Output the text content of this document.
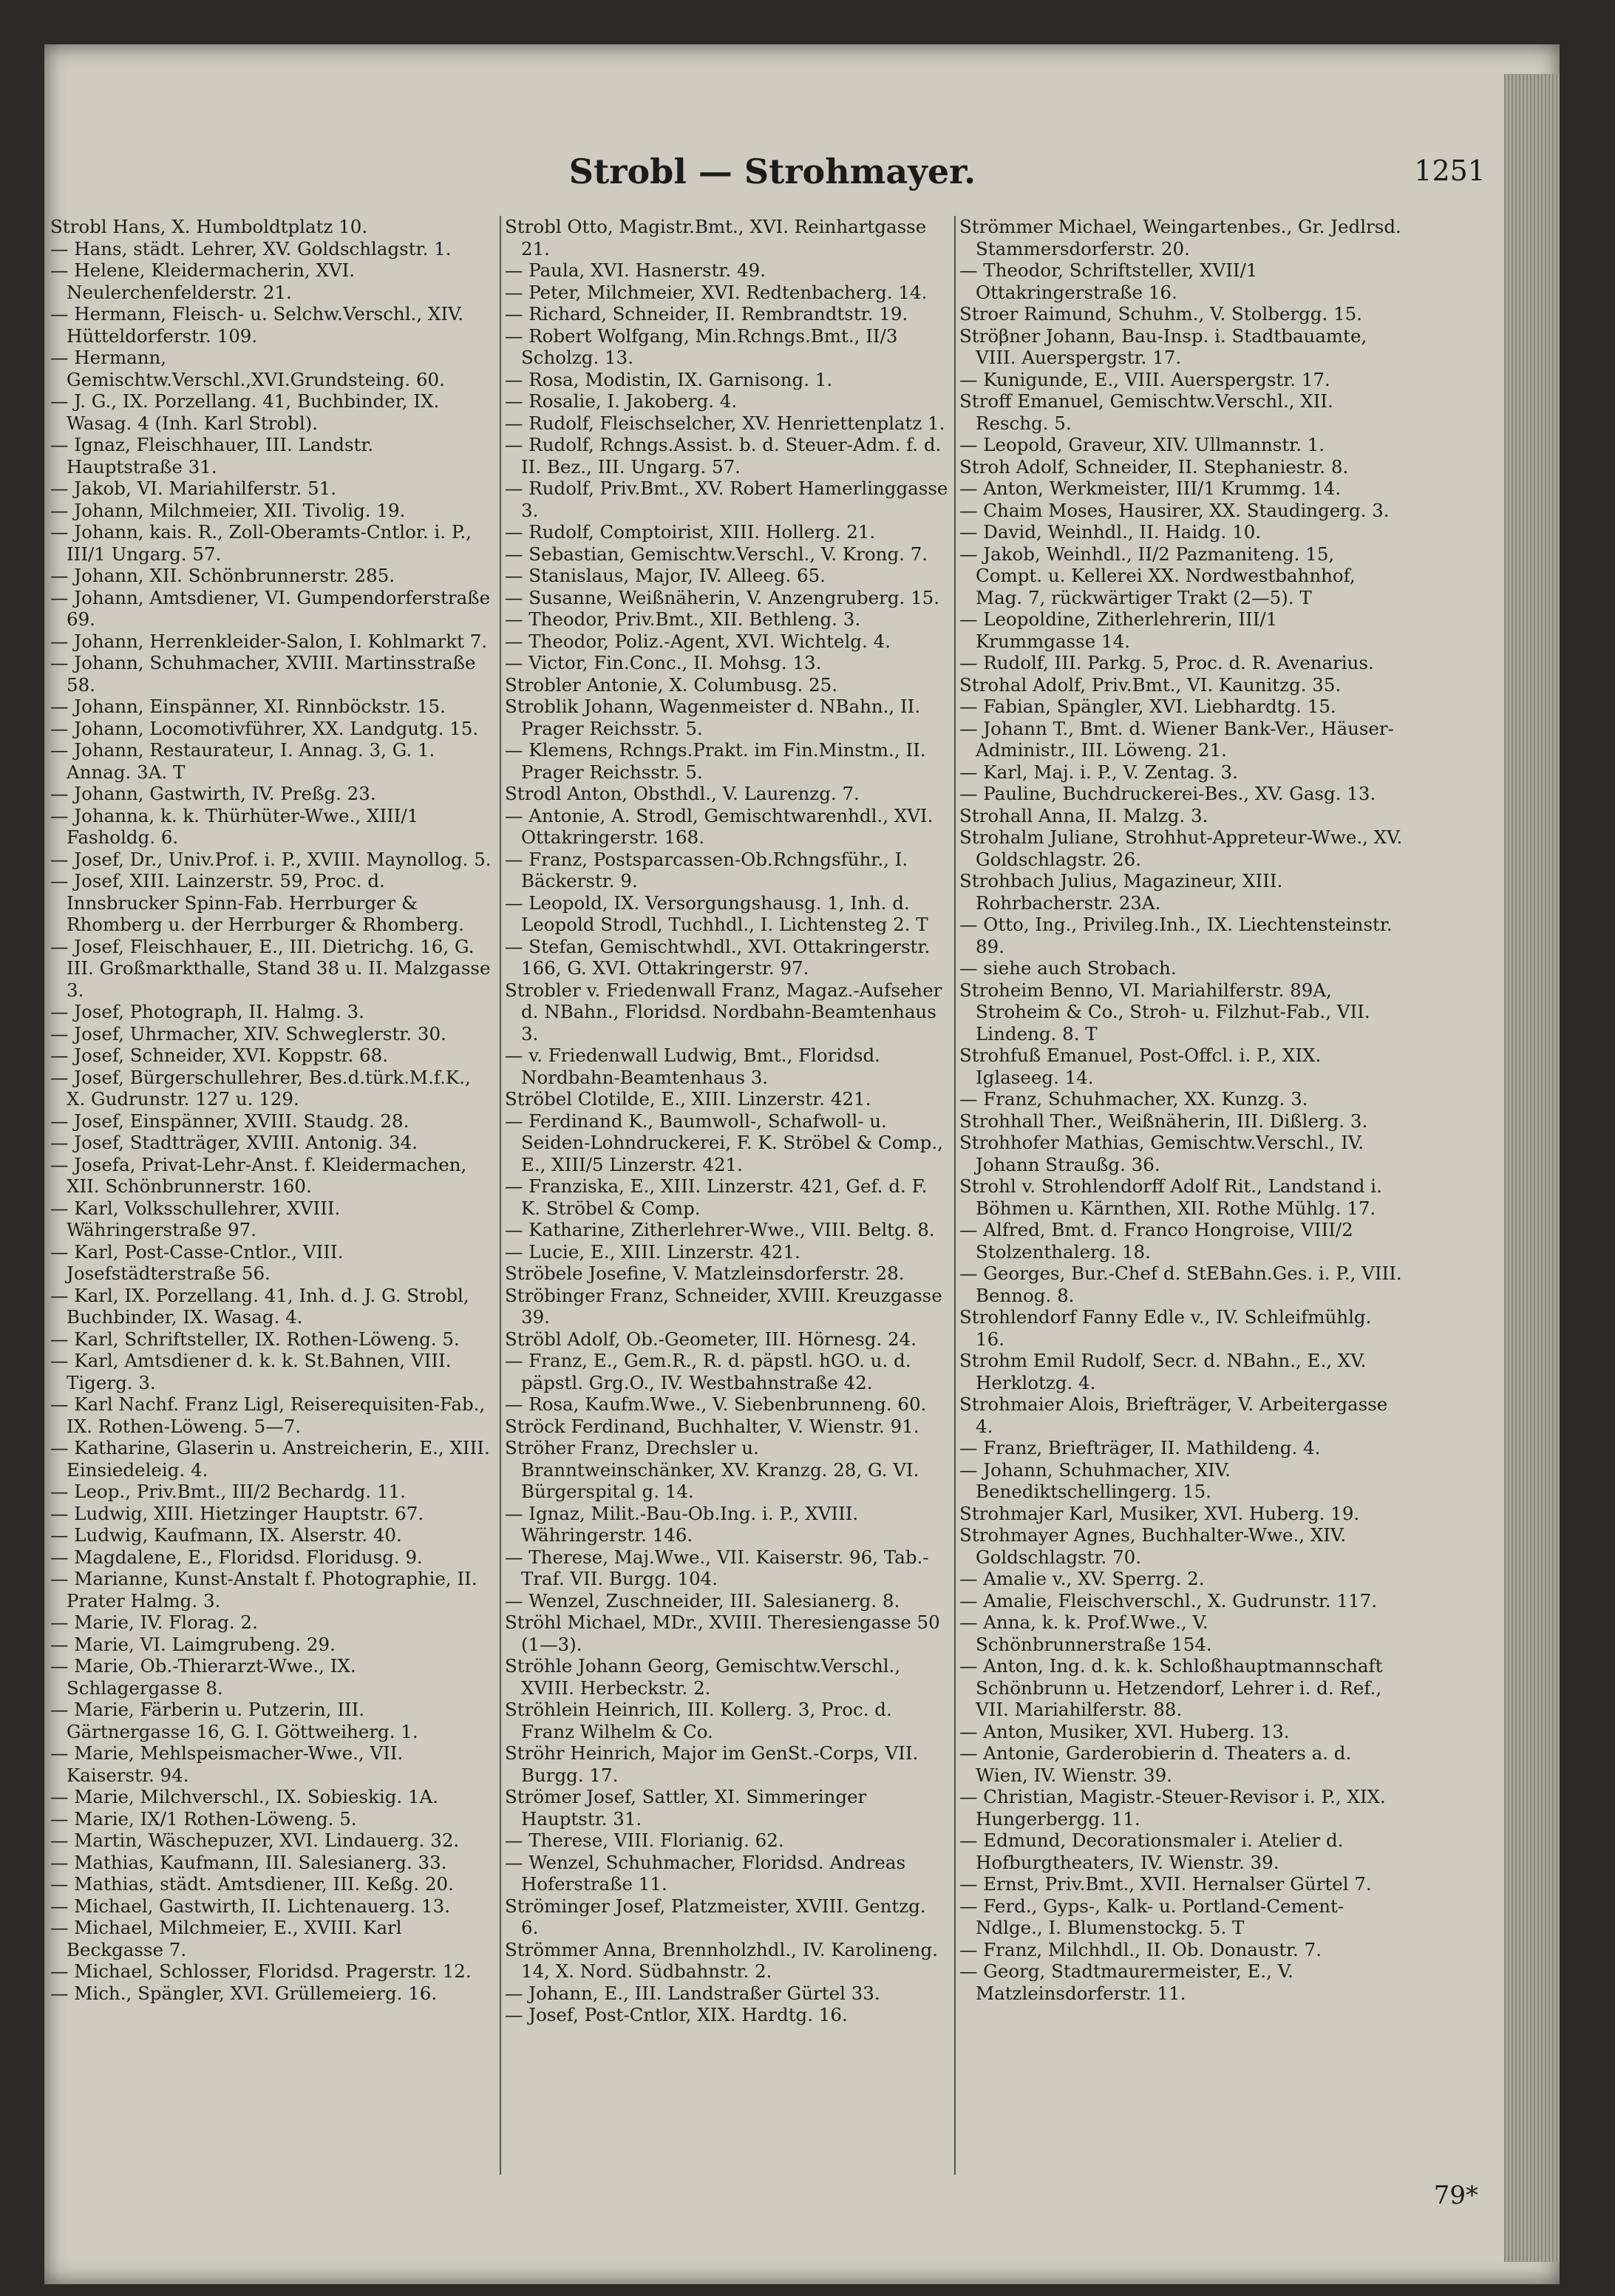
Strobl — Strohmayer.	1251

Strobl Hans, X. Humboldtplatz 10.

— Hans, städt. Lehrer, XV. Goldschlagstr. 1.

— Helene, Kleidermacherin, XVI. Neulerchenfelderstr. 21.

— Hermann, Fleisch- u. Selchw.Verschl., XIV. Hütteldorferstr. 109.

— Hermann, Gemischtw.Verschl.,XVI.Grundsteing. 60.

— J. G., IX. Porzellang. 41, Buchbinder, IX. Wasag. 4 (Inh. Karl Strobl).

— Ignaz, Fleischhauer, III. Landstr. Hauptstraße 31.

— Jakob, VI. Mariahilferstr. 51.

— Johann, Milchmeier, XII. Tivolig. 19.

— Johann, kais. R., Zoll-Oberamts-Cntlor. i. P., III/1 Ungarg. 57.

— Johann, XII. Schönbrunnerstr. 285.

— Johann, Amtsdiener, VI. Gumpendorferstraße 69.

— Johann, Herrenkleider-Salon, I. Kohlmarkt 7.

— Johann, Schuhmacher, XVIII. Martinsstraße 58.

— Johann, Einspänner, XI. Rinnböckstr. 15.

— Johann, Locomotivführer, XX. Landgutg. 15.

— Johann, Restaurateur, I. Annag. 3, G. 1. Annag. 3A. T

— Johann, Gastwirth, IV. Preßg. 23.

— Johanna, k. k. Thürhüter-Wwe., XIII/1 Fasholdg. 6.

— Josef, Dr., Univ.Prof. i. P., XVIII. Maynollog. 5.

— Josef, XIII. Lainzerstr. 59, Proc. d. Innsbrucker Spinn-Fab. Herrburger & Rhomberg u. der Herrburger & Rhomberg.

— Josef, Fleischhauer, E., III. Dietrichg. 16, G. III. Großmarkthalle, Stand 38 u. II. Malzgasse 3.

— Josef, Photograph, II. Halmg. 3.

— Josef, Uhrmacher, XIV. Schweglerstr. 30.

— Josef, Schneider, XVI. Koppstr. 68.

— Josef, Bürgerschullehrer, Bes.d.türk.M.f.K., X. Gudrunstr. 127 u. 129.

— Josef, Einspänner, XVIII. Staudg. 28.

— Josef, Stadtträger, XVIII. Antonig. 34.

— Josefa, Privat-Lehr-Anst. f. Kleidermachen, XII. Schönbrunnerstr. 160.

— Karl, Volksschullehrer, XVIII. Währingerstraße 97.

— Karl, Post-Casse-Cntlor., VIII. Josefstädterstraße 56.

— Karl, IX. Porzellang. 41, Inh. d. J. G. Strobl, Buchbinder, IX. Wasag. 4.

— Karl, Schriftsteller, IX. Rothen-Löweng. 5.

— Karl, Amtsdiener d. k. k. St.Bahnen, VIII. Tigerg. 3.

— Karl Nachf. Franz Ligl, Reiserequisiten-Fab., IX. Rothen-Löweng. 5—7.

— Katharine, Glaserin u. Anstreicherin, E., XIII. Einsiedeleig. 4.

— Leop., Priv.Bmt., III/2 Bechardg. 11.

— Ludwig, XIII. Hietzinger Hauptstr. 67.

— Ludwig, Kaufmann, IX. Alserstr. 40.

— Magdalene, E., Floridsd. Floridusg. 9.

— Marianne, Kunst-Anstalt f. Photographie, II. Prater Halmg. 3.

— Marie, IV. Florag. 2.

— Marie, VI. Laimgrubeng. 29.

— Marie, Ob.-Thierarzt-Wwe., IX. Schlagergasse 8.

— Marie, Färberin u. Putzerin, III. Gärtnergasse 16, G. I. Göttweiherg. 1.

— Marie, Mehlspeismacher-Wwe., VII. Kaiserstr. 94.

— Marie, Milchverschl., IX. Sobieskig. 1A.

— Marie, IX/1 Rothen-Löweng. 5.

— Martin, Wäschepuzer, XVI. Lindauerg. 32.

— Mathias, Kaufmann, III. Salesianerg. 33.

— Mathias, städt. Amtsdiener, III. Keßg. 20.

— Michael, Gastwirth, II. Lichtenauerg. 13.

— Michael, Milchmeier, E., XVIII. Karl Beckgasse 7.

— Michael, Schlosser, Floridsd. Pragerstr. 12.

— Mich., Spängler, XVI. Grüllemeierg. 16.

Strobl Otto, Magistr.Bmt., XVI. Reinhartgasse 21.

— Paula, XVI. Hasnerstr. 49.

— Peter, Milchmeier, XVI. Redtenbacherg. 14.

— Richard, Schneider, II. Rembrandtstr. 19.

— Robert Wolfgang, Min.Rchngs.Bmt., II/3 Scholzg. 13.

— Rosa, Modistin, IX. Garnisong. 1.

— Rosalie, I. Jakoberg. 4.

— Rudolf, Fleischselcher, XV. Henriettenplatz 1.

— Rudolf, Rchngs.Assist. b. d. Steuer-Adm. f. d. II. Bez., III. Ungarg. 57.

— Rudolf, Priv.Bmt., XV. Robert Hamerlinggasse 3.

— Rudolf, Comptoirist, XIII. Hollerg. 21.

— Sebastian, Gemischtw.Verschl., V. Krong. 7.

— Stanislaus, Major, IV. Alleeg. 65.

— Susanne, Weißnäherin, V. Anzengruberg. 15.

— Theodor, Priv.Bmt., XII. Bethleng. 3.

— Theodor, Poliz.-Agent, XVI. Wichtelg. 4.

— Victor, Fin.Conc., II. Mohsg. 13.

Strobler Antonie, X. Columbusg. 25.

Stroblik Johann, Wagenmeister d. NBahn., II. Prager Reichsstr. 5.

— Klemens, Rchngs.Prakt. im Fin.Minstm., II. Prager Reichsstr. 5.

Strodl Anton, Obsthdl., V. Laurenzg. 7.

— Antonie, A. Strodl, Gemischtwarenhdl., XVI. Ottakringerstr. 168.

— Franz, Postsparcassen-Ob.Rchngsführ., I. Bäckerstr. 9.

— Leopold, IX. Versorgungshausg. 1, Inh. d. Leopold Strodl, Tuchhdl., I. Lichtensteg 2. T

— Stefan, Gemischtwhdl., XVI. Ottakringerstr. 166, G. XVI. Ottakringerstr. 97.

Strobler v. Friedenwall Franz, Magaz.-Aufseher d. NBahn., Floridsd. Nordbahn-Beamtenhaus 3.

— v. Friedenwall Ludwig, Bmt., Floridsd. Nordbahn-Beamtenhaus 3.

Ströbel Clotilde, E., XIII. Linzerstr. 421.

— Ferdinand K., Baumwoll-, Schafwoll- u. Seiden-Lohndruckerei, F. K. Ströbel & Comp., E., XIII/5 Linzerstr. 421.

— Franziska, E., XIII. Linzerstr. 421, Gef. d. F. K. Ströbel & Comp.

— Katharine, Zitherlehrer-Wwe., VIII. Beltg. 8.

— Lucie, E., XIII. Linzerstr. 421.

Ströbele Josefine, V. Matzleinsdorferstr. 28.

Ströbinger Franz, Schneider, XVIII. Kreuzgasse 39.

Ströbl Adolf, Ob.-Geometer, III. Hörnesg. 24.

— Franz, E., Gem.R., R. d. päpstl. hGO. u. d. päpstl. Grg.O., IV. Westbahnstraße 42.

— Rosa, Kaufm.Wwe., V. Siebenbrunneng. 60.

Ströck Ferdinand, Buchhalter, V. Wienstr. 91.

Ströher Franz, Drechsler u. Branntweinschänker, XV. Kranzg. 28, G. VI. Bürgerspital g. 14.

— Ignaz, Milit.-Bau-Ob.Ing. i. P., XVIII. Währingerstr. 146.

— Therese, Maj.Wwe., VII. Kaiserstr. 96, Tab.-Traf. VII. Burgg. 104.

— Wenzel, Zuschneider, III. Salesianerg. 8.

Ströhl Michael, MDr., XVIII. Theresiengasse 50 (1—3).

Ströhle Johann Georg, Gemischtw.Verschl., XVIII. Herbeckstr. 2.

Ströhlein Heinrich, III. Kollerg. 3, Proc. d. Franz Wilhelm & Co.

Ströhr Heinrich, Major im GenSt.-Corps, VII. Burgg. 17.

Strömer Josef, Sattler, XI. Simmeringer Hauptstr. 31.

— Therese, VIII. Florianig. 62.

— Wenzel, Schuhmacher, Floridsd. Andreas Hoferstraße 11.

Ströminger Josef, Platzmeister, XVIII. Gentzg. 6.

Strömmer Anna, Brennholzhdl., IV. Karolineng. 14, X. Nord. Südbahnstr. 2.

— Johann, E., III. Landstraßer Gürtel 33.

— Josef, Post-Cntlor, XIX. Hardtg. 16.

Strömmer Michael, Weingartenbes., Gr. Jedlrsd. Stammersdorferstr. 20.

— Theodor, Schriftsteller, XVII/1 Ottakringerstraße 16.

Stroer Raimund, Schuhm., V. Stolbergg. 15.

Ströβner Johann, Bau-Insp. i. Stadtbauamte, VIII. Auerspergstr. 17.

— Kunigunde, E., VIII. Auerspergstr. 17.

Stroff Emanuel, Gemischtw.Verschl., XII. Reschg. 5.

— Leopold, Graveur, XIV. Ullmannstr. 1.

Stroh Adolf, Schneider, II. Stephaniestr. 8.

— Anton, Werkmeister, III/1 Krummg. 14.

— Chaim Moses, Hausirer, XX. Staudingerg. 3.

— David, Weinhdl., II. Haidg. 10.

— Jakob, Weinhdl., II/2 Pazmaniteng. 15, Compt. u. Kellerei XX. Nordwestbahnhof, Mag. 7, rückwärtiger Trakt (2—5). T

— Leopoldine, Zitherlehrerin, III/1 Krummgasse 14.

— Rudolf, III. Parkg. 5, Proc. d. R. Avenarius.

Strohal Adolf, Priv.Bmt., VI. Kaunitzg. 35.

— Fabian, Spängler, XVI. Liebhardtg. 15.

— Johann T., Bmt. d. Wiener Bank-Ver., Häuser-Administr., III. Löweng. 21.

— Karl, Maj. i. P., V. Zentag. 3.

— Pauline, Buchdruckerei-Bes., XV. Gasg. 13.

Strohall Anna, II. Malzg. 3.

Strohalm Juliane, Strohhut-Appreteur-Wwe., XV. Goldschlagstr. 26.

Strohbach Julius, Magazineur, XIII. Rohrbacherstr. 23A.

— Otto, Ing., Privileg.Inh., IX. Liechtensteinstr. 89.

— siehe auch Strobach.

Stroheim Benno, VI. Mariahilferstr. 89A, Stroheim & Co., Stroh- u. Filzhut-Fab., VII. Lindeng. 8. T

Strohfuß Emanuel, Post-Offcl. i. P., XIX. Iglaseeg. 14.

— Franz, Schuhmacher, XX. Kunzg. 3.

Strohhall Ther., Weißnäherin, III. Dißlerg. 3.

Strohhofer Mathias, Gemischtw.Verschl., IV. Johann Straußg. 36.

Strohl v. Strohlendorff Adolf Rit., Landstand i. Böhmen u. Kärnthen, XII. Rothe Mühlg. 17.

— Alfred, Bmt. d. Franco Hongroise, VIII/2 Stolzenthalerg. 18.

— Georges, Bur.-Chef d. StEBahn.Ges. i. P., VIII. Bennog. 8.

Strohlendorf Fanny Edle v., IV. Schleifmühlg. 16.

Strohm Emil Rudolf, Secr. d. NBahn., E., XV. Herklotzg. 4.

Strohmaier Alois, Briefträger, V. Arbeitergasse 4.

— Franz, Briefträger, II. Mathildeng. 4.

— Johann, Schuhmacher, XIV. Benediktschellingerg. 15.

Strohmajer Karl, Musiker, XVI. Huberg. 19.

Strohmayer Agnes, Buchhalter-Wwe., XIV. Goldschlagstr. 70.

— Amalie v., XV. Sperrg. 2.

— Amalie, Fleischverschl., X. Gudrunstr. 117.

— Anna, k. k. Prof.Wwe., V. Schönbrunnerstraße 154.

— Anton, Ing. d. k. k. Schloßhauptmannschaft Schönbrunn u. Hetzendorf, Lehrer i. d. Ref., VII. Mariahilferstr. 88.

— Anton, Musiker, XVI. Huberg. 13.

— Antonie, Garderobierin d. Theaters a. d. Wien, IV. Wienstr. 39.

— Christian, Magistr.-Steuer-Revisor i. P., XIX. Hungerbergg. 11.

— Edmund, Decorationsmaler i. Atelier d. Hofburgtheaters, IV. Wienstr. 39.

— Ernst, Priv.Bmt., XVII. Hernalser Gürtel 7.

— Ferd., Gyps-, Kalk- u. Portland-Cement-Ndlge., I. Blumenstockg. 5. T

— Franz, Milchhdl., II. Ob. Donaustr. 7.

— Georg, Stadtmaurermeister, E., V. Matzleinsdorferstr. 11.

79*
